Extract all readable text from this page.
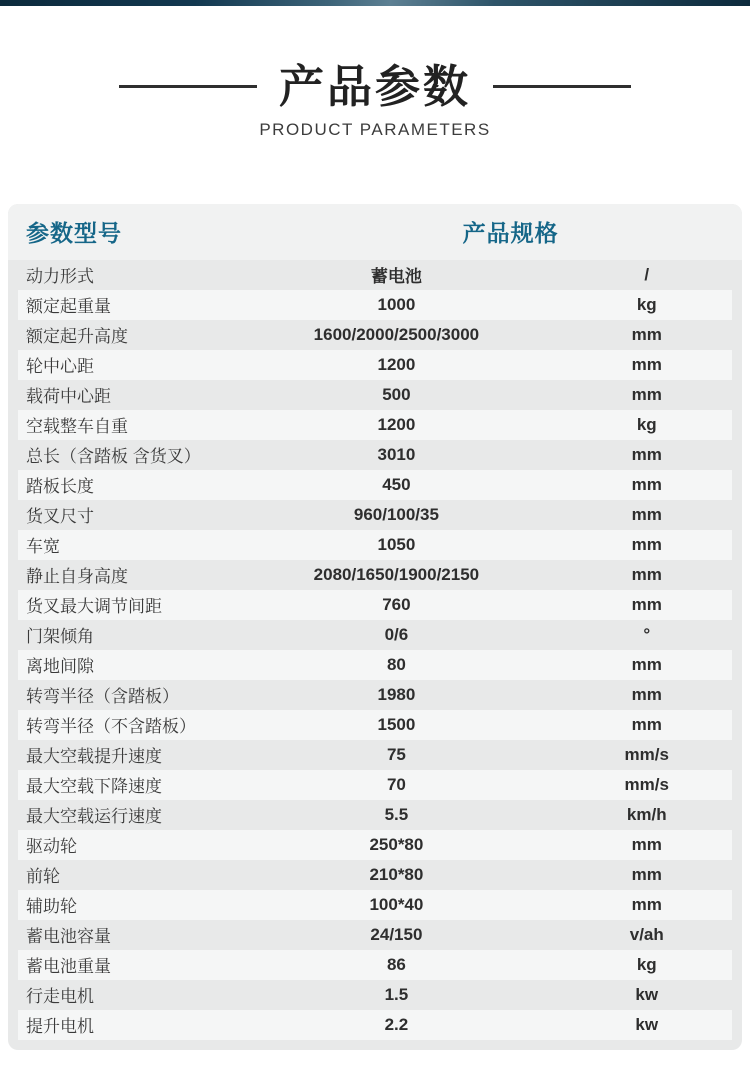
产品参数
PRODUCT PARAMETERS
参数型号	产品规格
动力形式	蓄电池	/
额定起重量	1000	kg
额定起升高度	1600/2000/2500/3000	mm
轮中心距	1200	mm
载荷中心距	500	mm
空载整车自重	1200	kg
总长（含踏板 含货叉）	3010	mm
踏板长度	450	mm
货叉尺寸	960/100/35	mm
车宽	1050	mm
静止自身高度	2080/1650/1900/2150	mm
货叉最大调节间距	760	mm
门架倾角	0/6	°
离地间隙	80	mm
转弯半径（含踏板）	1980	mm
转弯半径（不含踏板）	1500	mm
最大空载提升速度	75	mm/s
最大空载下降速度	70	mm/s
最大空载运行速度	5.5	km/h
驱动轮	250*80	mm
前轮	210*80	mm
辅助轮	100*40	mm
蓄电池容量	24/150	v/ah
蓄电池重量	86	kg
行走电机	1.5	kw
提升电机	2.2	kw
